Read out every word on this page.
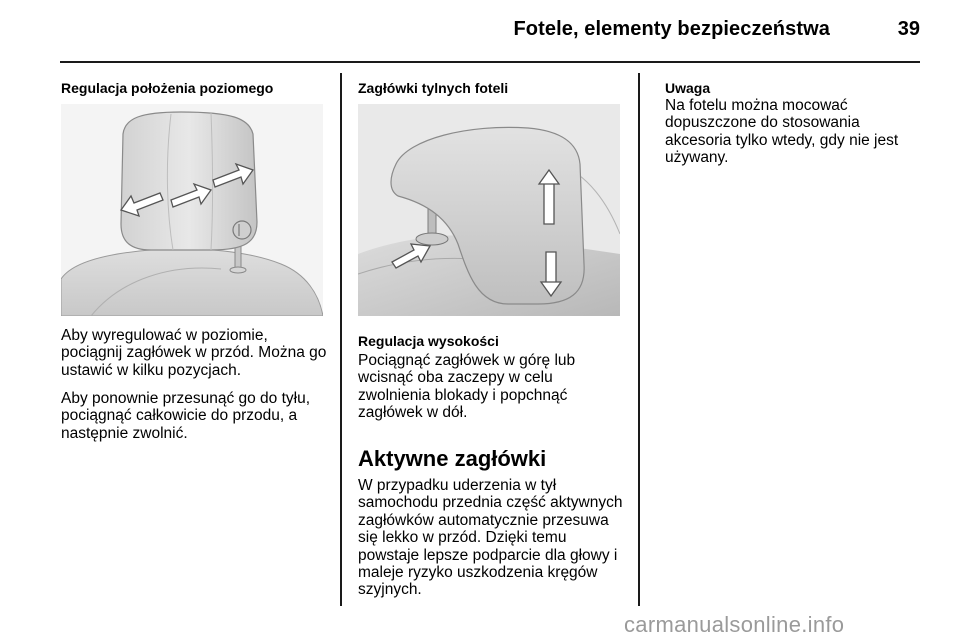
Fotele, elementy bezpieczeństwa	39
Regulacja położenia poziomego

Aby wyregulować w poziomie, pociągnij zagłówek w przód. Można go ustawić w kilku pozycjach.

Aby ponownie przesunąć go do tyłu, pociągnąć całkowicie do przodu, a następnie zwolnić.

Zagłówki tylnych foteli
Regulacja wysokości

Pociągnąć zagłówek w górę lub wcisnąć oba zaczepy w celu zwolnienia blokady i popchnąć zagłówek w dół.

Aktywne zagłówki

W przypadku uderzenia w tył samochodu przednia część aktywnych zagłówków automatycznie przesuwa się lekko w przód. Dzięki temu powstaje lepsze podparcie dla głowy i maleje ryzyko uszkodzenia kręgów szyjnych.

Uwaga

Na fotelu można mocować dopuszczone do stosowania akcesoria tylko wtedy, gdy nie jest używany.

carmanualsonline.info
